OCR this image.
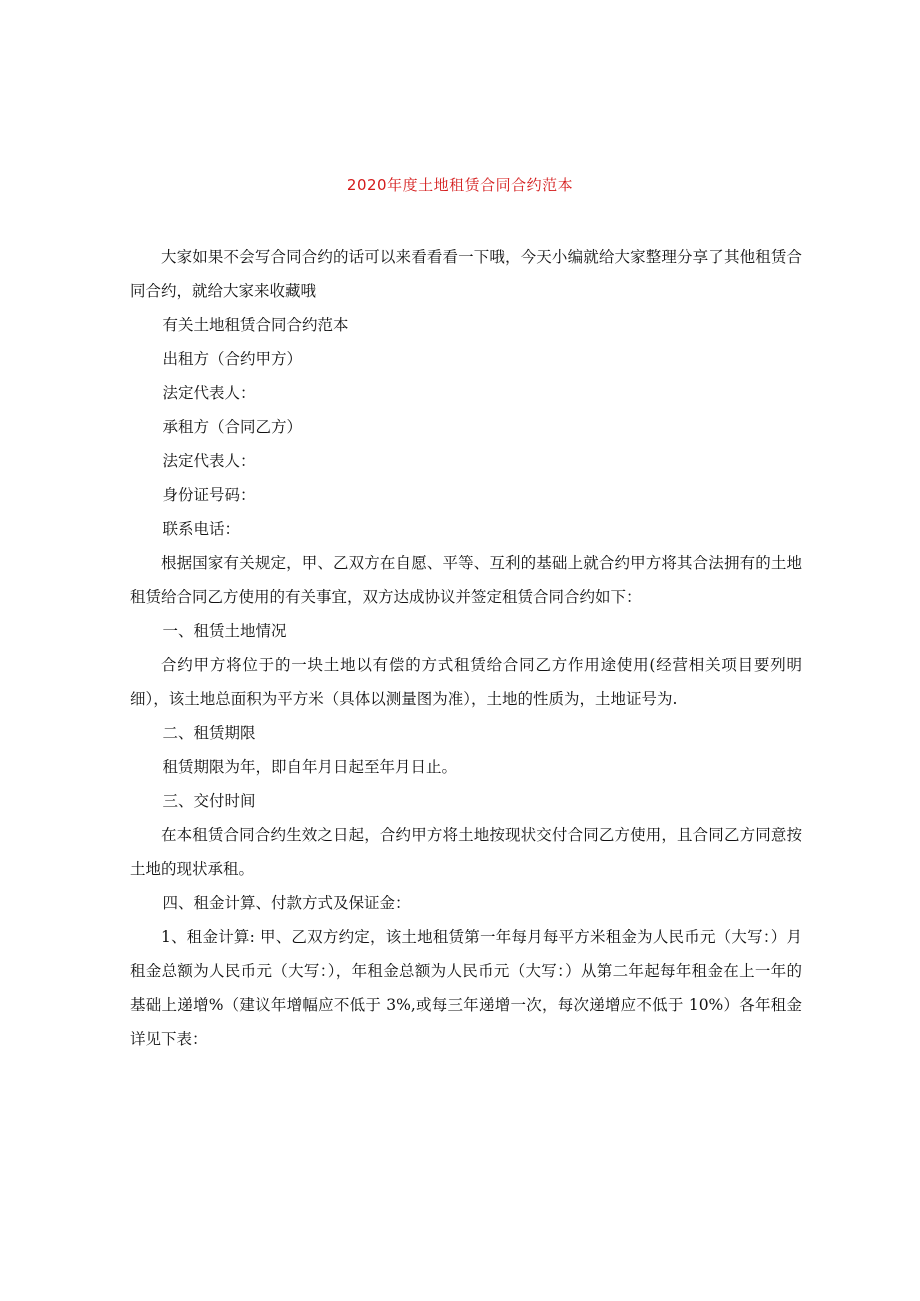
2020年度土地租赁合同合约范本

大家如果不会写合同合约的话可以来看看看一下哦，今天小编就给大家整理分享了其他租赁合同合约，就给大家来收藏哦

有关土地租赁合同合约范本

出租方（合约甲方）

法定代表人：

承租方（合同乙方）

法定代表人：

身份证号码：

联系电话：

根据国家有关规定，甲、乙双方在自愿、平等、互利的基础上就合约甲方将其合法拥有的土地租赁给合同乙方使用的有关事宜，双方达成协议并签定租赁合同合约如下：

一、租赁土地情况

合约甲方将位于的一块土地以有偿的方式租赁给合同乙方作用途使用(经营相关项目要列明细），该土地总面积为平方米（具体以测量图为准），土地的性质为，土地证号为.

二、租赁期限

租赁期限为年，即自年月日起至年月日止。

三、交付时间

在本租赁合同合约生效之日起，合约甲方将土地按现状交付合同乙方使用，且合同乙方同意按土地的现状承租。

四、租金计算、付款方式及保证金：

1、租金计算: 甲、乙双方约定，该土地租赁第一年每月每平方米租金为人民币元（大写：）月租金总额为人民币元（大写：），年租金总额为人民币元（大写：）从第二年起每年租金在上一年的基础上递增%（建议年增幅应不低于 3%,或每三年递增一次，每次递增应不低于 10%）各年租金详见下表：
